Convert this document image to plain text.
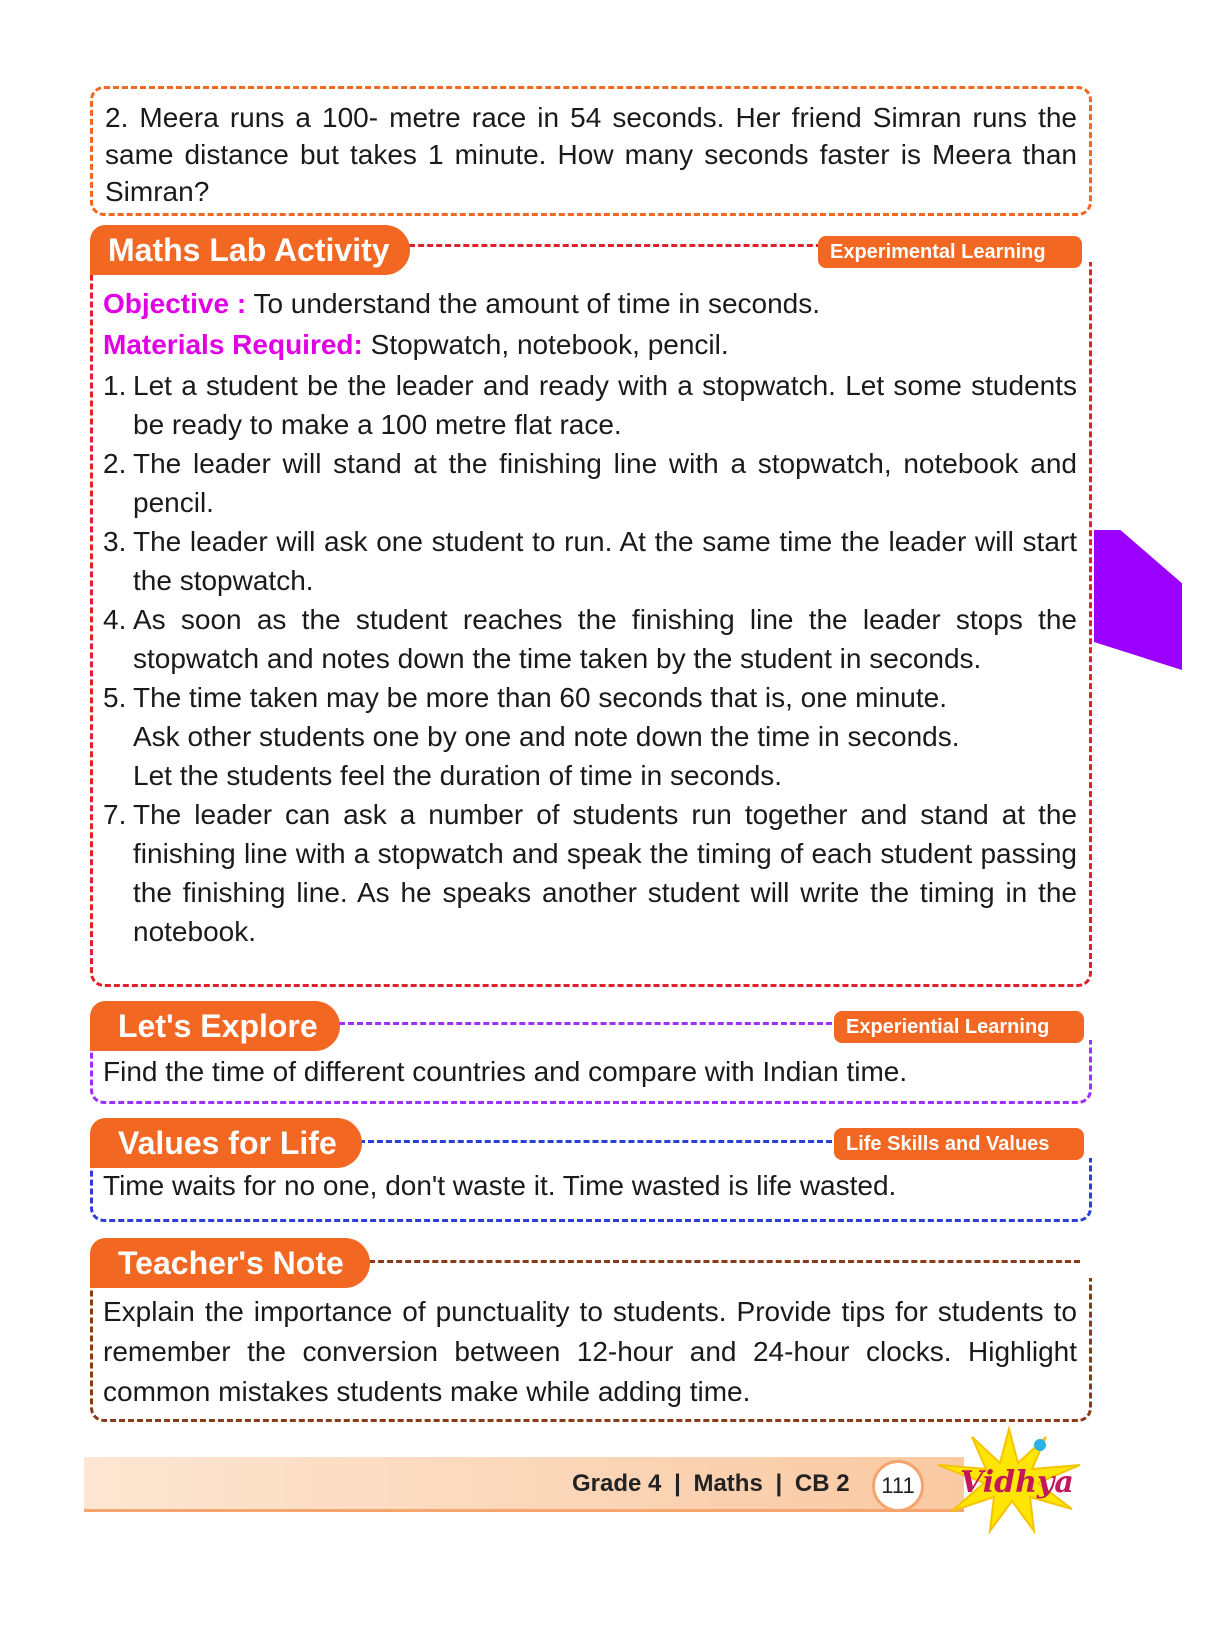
2. Meera runs a 100- metre race in 54 seconds. Her friend Simran runs the same distance but takes 1 minute. How many seconds faster is Meera than Simran?
Objective : To understand the amount of time in seconds.
Materials Required: Stopwatch, notebook, pencil.
1. Let a student be the leader and ready with a stopwatch. Let some students be ready to make a 100 metre flat race.
2. The leader will stand at the finishing line with a stopwatch, notebook and pencil.
3. The leader will ask one student to run. At the same time the leader will start the stopwatch.
4. As soon as the student reaches the finishing line the leader stops the stopwatch and notes down the time taken by the student in seconds.
5. The time taken may be more than 60 seconds that is, one minute.
Ask other students one by one and note down the time in seconds.
Let the students feel the duration of time in seconds.
7. The leader can ask a number of students run together and stand at the finishing line with a stopwatch and speak the timing of each student passing the finishing line. As he speaks another student will write the timing in the notebook.
Maths Lab Activity	Experimental Learning
Find the time of different countries and compare with Indian time.
Let's Explore	Experiential Learning
Time waits for no one, don't waste it. Time wasted is life wasted.
Values for Life	Life Skills and Values
Explain the importance of punctuality to students. Provide tips for students to remember the conversion between 12-hour and 24-hour clocks. Highlight common mistakes students make while adding time.
Teacher's Note
Grade 4 | Maths | CB 2	111	Vidhya
